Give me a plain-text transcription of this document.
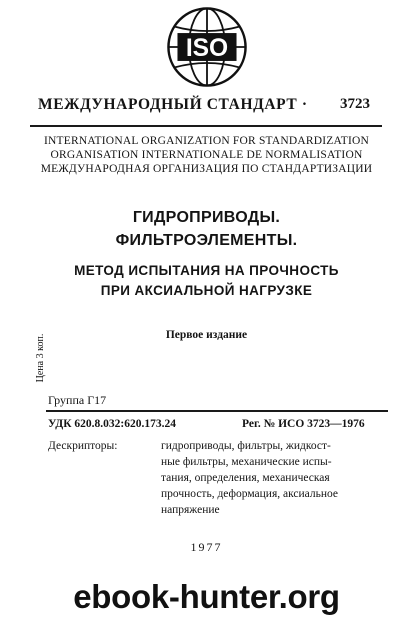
ISO
МЕЖДУНАРОДНЫЙ СТАНДАРТ · 3723
INTERNATIONAL ORGANIZATION FOR STANDARDIZATION
ORGANISATION INTERNATIONALE DE NORMALISATION
МЕЖДУНАРОДНАЯ ОРГАНИЗАЦИЯ ПО СТАНДАРТИЗАЦИИ
ГИДРОПРИВОДЫ.
ФИЛЬТРОЭЛЕМЕНТЫ.
МЕТОД ИСПЫТАНИЯ НА ПРОЧНОСТЬ
ПРИ АКСИАЛЬНОЙ НАГРУЗКЕ
Первое издание
Цена 3 коп.
Группа Г17
УДК 620.8.032:620.173.24	Рег. № ИСО 3723—1976
Дескрипторы:	гидроприводы, фильтры, жидкост-
ные фильтры, механические испы-
тания, определения, механическая
прочность, деформация, аксиальное
напряжение
1977
ebook-hunter.org
